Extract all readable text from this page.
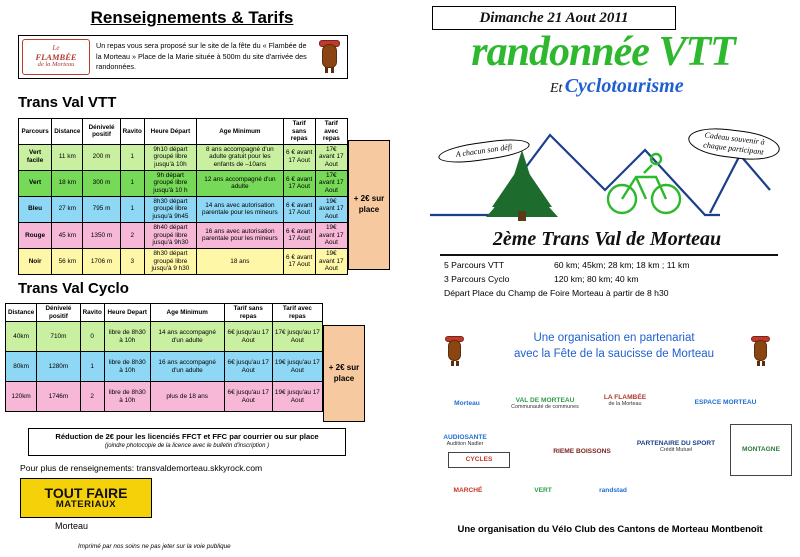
Renseignements & Tarifs
Le
FLAMBÉE
de la Morteau
Un repas vous sera proposé sur le site de la fête du « Flambée de la Morteau » Place de la Marie située à 500m du site d'arrivée des randonnées.
Trans Val VTT
Parcours	Distance	Dénivelé positif	Ravito	Heure Départ	Age Minimum	Tarif sans repas	Tarif avec repas
Vert facile	11 km	200 m	1	9h10 départ groupé libre jusqu'à 10h	8 ans accompagné d'un adulte gratuit pour les enfants de –10ans	6 € avant 17 Aout	17€ avant 17 Aout
Vert	18 km	300 m	1	9h départ groupé libre jusqu'à 10 h	12 ans accompagné d'un adulte	6 € avant 17 Aout	17€ avant 17 Aout
Bleu	27 km	795 m	1	8h30 départ groupé libre jusqu'à 9h45	14 ans avec autorisation parentale pour les mineurs	6 € avant 17 Aout	19€ avant 17 Aout
Rouge	45 km	1350 m	2	8h40 départ groupé libre jusqu'à 9h30	16 ans avec autorisation parentale pour les mineurs	6 € avant 17 Aout	19€ avant 17 Aout
Noir	56 km	1706 m	3	8h30 départ groupé libre jusqu'à 9 h30	18 ans	6 € avant 17 Aout	19€ avant 17 Aout
+ 2€ sur place
Trans Val Cyclo
Distance	Dénivelé positif	Ravito	Heure Depart	Age Minimum	Tarif sans repas	Tarif avec repas
40km	710m	0	libre de 8h30 à 10h	14 ans accompagné d'un adulte	6€ jusqu'au 17 Aout	17€ jusqu'au 17 Aout
80km	1280m	1	libre de 8h30 à 10h	16 ans accompagné d'un adulte	6€ jusqu'au 17 Aout	19€ jusqu'au 17 Aout
120km	1746m	2	libre de 8h30 à 10h	plus de 18 ans	6€ jusqu'au 17 Aout	19€ jusqu'au 17 Aout
+ 2€ sur place
Réduction de 2€ pour les licenciés FFCT et FFC par courrier ou sur place
(joindre photocopie de la licence avec le bulletin d'inscription )
Pour plus de renseignements: transvaldemorteau.skkyrock.com
TOUT FAIRE
MATERIAUX
Morteau
Imprimé par nos soins ne pas jeter sur la voie publique
Dimanche 21 Aout 2011
randonnée VTT
Et Cyclotourisme
A chacun son défi
Cadeau souvenir à chaque participant
2ème Trans Val de Morteau
5 Parcours VTT	60 km; 45km; 28 km; 18 km ; 11 km
3 Parcours Cyclo	120 km; 80 km; 40 km
Départ Place du Champ de Foire Morteau à partir de 8 h30
Une organisation en partenariat
avec la Fête de la saucisse de Morteau
Morteau	VAL DE MORTEAU
Communauté de communes
LA FLAMBÉE
de la Morteau	ESPACE MORTEAU
AUDIOSANTE
Audition Nadler
CYCLES
RIEME BOISSONS
PARTENAIRE DU SPORT
Crédit Mutuel	MONTAGNE
MARCHÉ	VERT	randstad
Une organisation du Vélo Club des Cantons de Morteau Montbenoît
